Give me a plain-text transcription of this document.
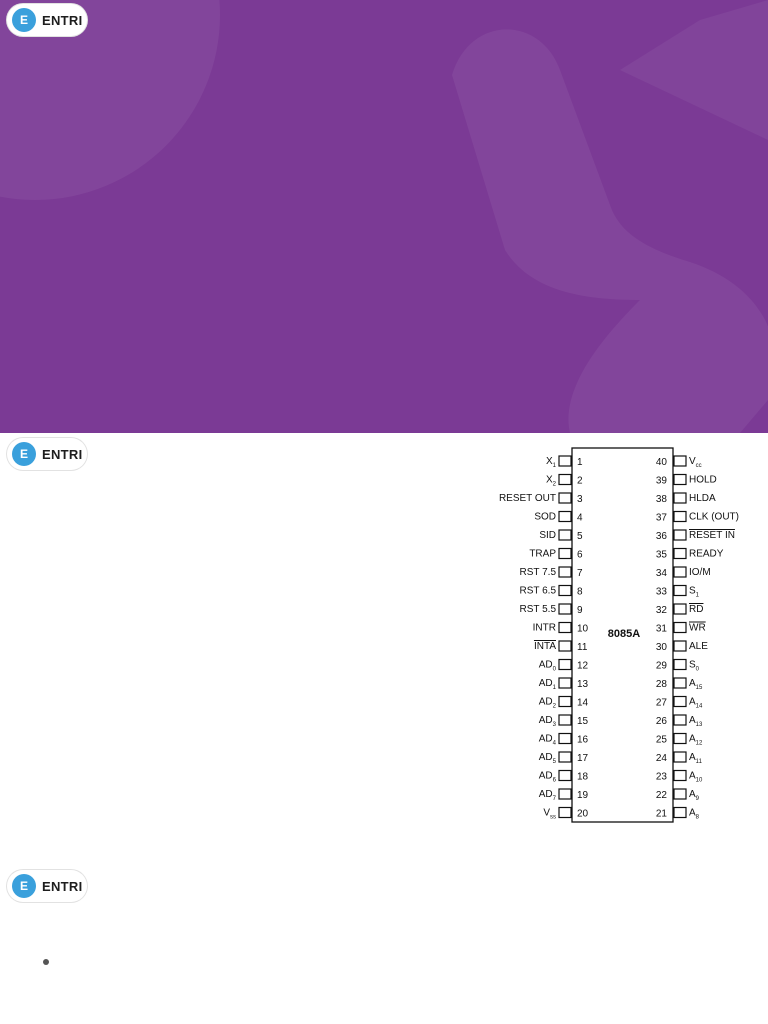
E ENTRI
E ENTRI
E ENTRI
8085A
1
$X_1$
2
$X_2$
3
RESET OUT
4
SOD
5
SID
6
TRAP
7
RST 7.5
8
RST 6.5
9
RST 5.5
10
INTR
11
INTA
12
$AD_0$
13
$AD_1$
14
$AD_2$
15
$AD_3$
16
$AD_4$
17
$AD_5$
18
$AD_6$
19
$AD_7$
20
$V_{ss}$
40 $V_{cc}$
39 HOLD
38 HLDA
37 CLK (OUT)
36 RESET IN
35 READY
34 IO/M
33 $S_1$
32 RD
31 WR
30 ALE
29 $S_0$
28 $A_{15}$
27 $A_{14}$
26 $A_{13}$
25 $A_{12}$
24 $A_{11}$
23 $A_{10}$
22 $A_9$
21 $A_8$
